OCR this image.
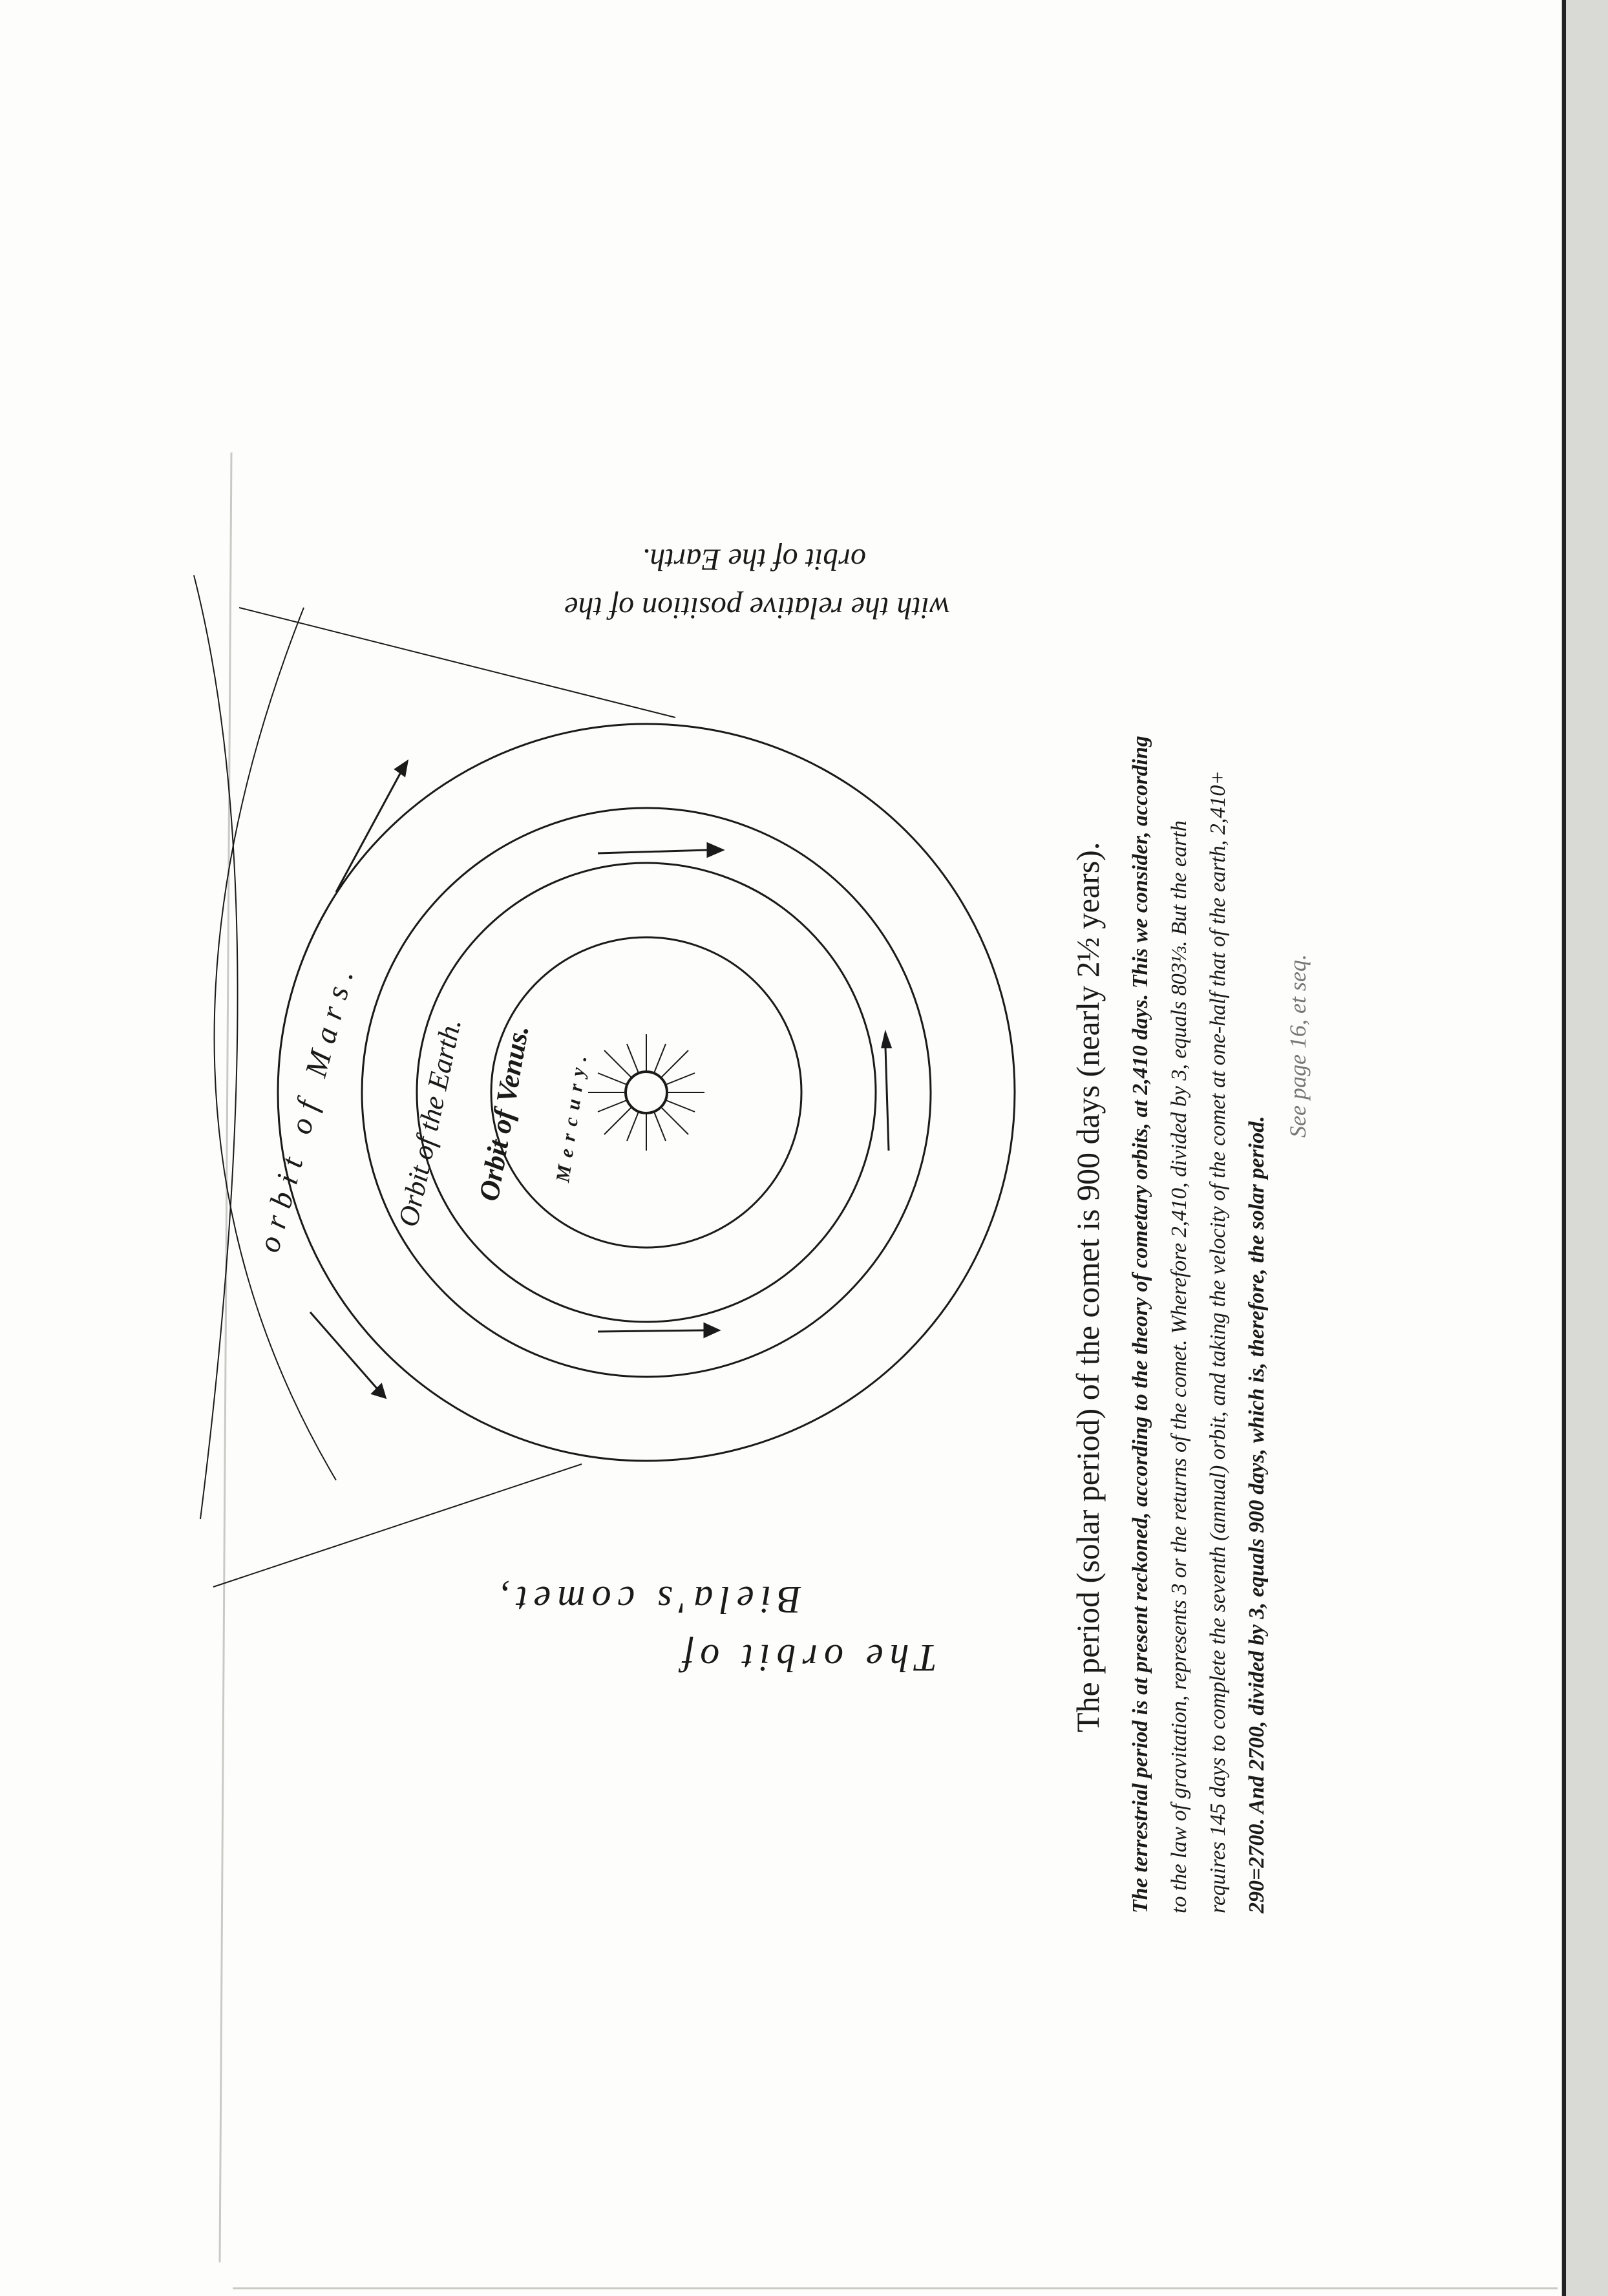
The orbit of
Biela's comet,
with the relative position of the
orbit of the Earth.
orbit of Mars. Orbit of the Earth. Orbit of Venus. Mercury.	The period (solar period) of the comet is 900 days (nearly 2½ years). The terrestrial period is at present reckoned, according to the theory of cometary orbits, at 2,410 days. This we consider, according to the law of gravitation, represents 3 or the returns of the comet. Wherefore 2,410, divided by 3, equals 803⅓. But the earth requires 145 days to complete the seventh (annual) orbit, and taking the velocity of the comet at one-half that of the earth, 2,410+ 290=2700. And 2700, divided by 3, equals 900 days, which is, therefore, the solar period.
See page 16, et seq.
